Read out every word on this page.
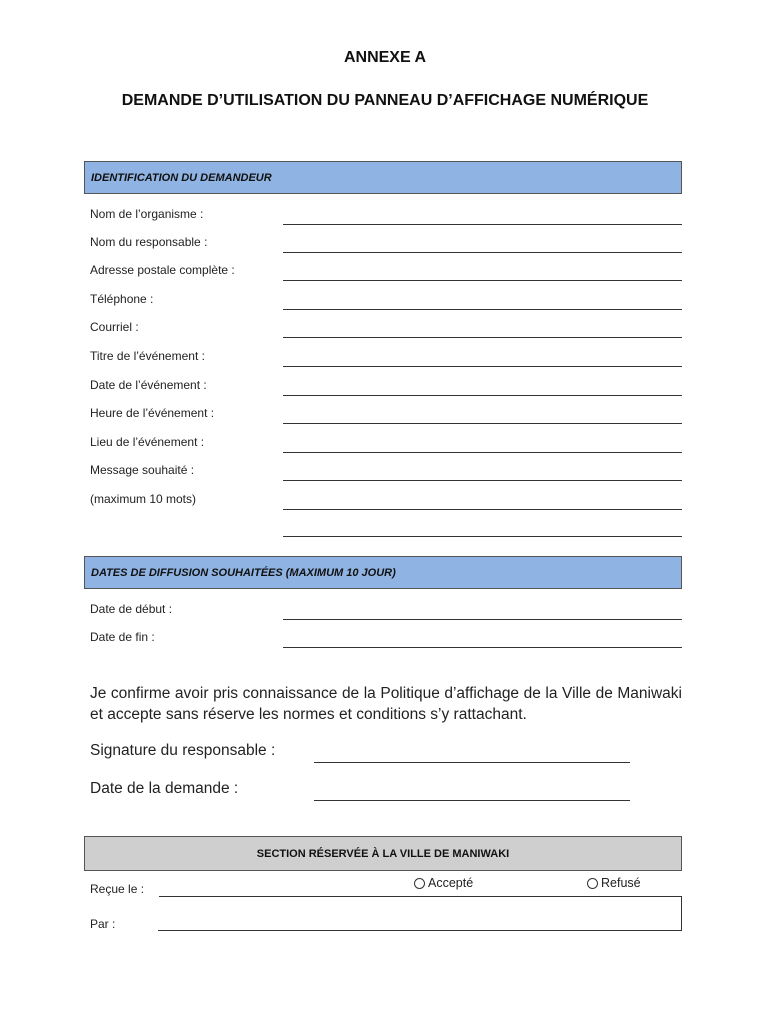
ANNEXE A
DEMANDE D’UTILISATION DU PANNEAU D’AFFICHAGE NUMÉRIQUE
IDENTIFICATION DU DEMANDEUR
Nom de l’organisme :
Nom du responsable :
Adresse postale complète :
Téléphone :
Courriel :
Titre de l’événement :
Date de l’événement :
Heure de l’événement :
Lieu de l’événement :
Message souhaité :
(maximum 10 mots)
DATES DE DIFFUSION SOUHAITÉES (MAXIMUM 10 JOUR)
Date de début :
Date de fin :
Je confirme avoir pris connaissance de la Politique d’affichage de la Ville de Maniwaki et accepte sans réserve les normes et conditions s’y rattachant.
Signature du responsable :
Date de la demande :
SECTION RÉSERVÉE À LA VILLE DE MANIWAKI
Reçue le :	Accepté	Refusé
Par :
